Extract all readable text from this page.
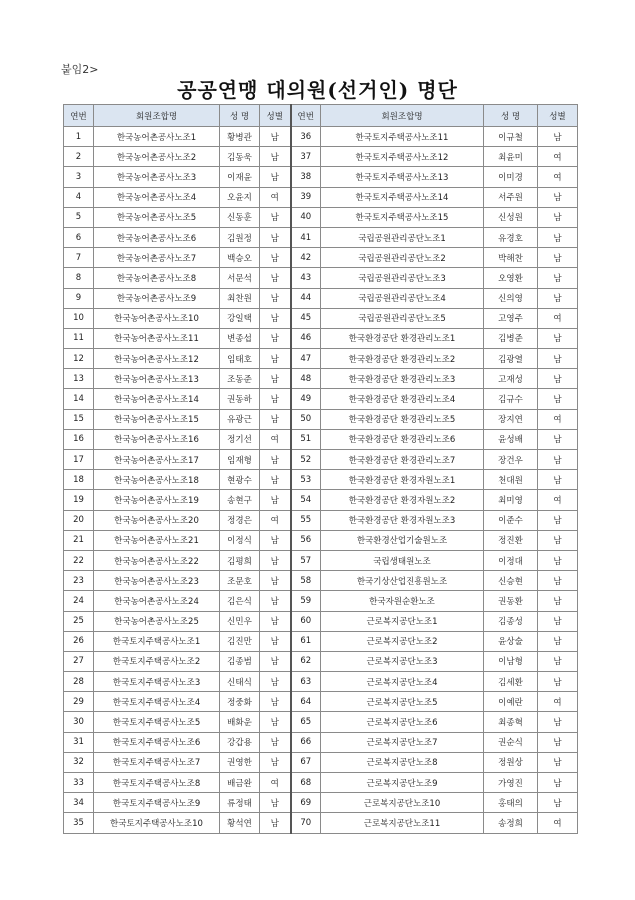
붙임2>
공공연맹 대의원(선거인) 명단
연번	회원조합명	성 명	성별	연번	회원조합명	성 명	성별
1	한국농어촌공사노조1	황병관	남	36	한국토지주택공사노조11	이규철	남
2	한국농어촌공사노조2	김동욱	남	37	한국토지주택공사노조12	최윤미	여
3	한국농어촌공사노조3	이재윤	남	38	한국토지주택공사노조13	이미경	여
4	한국농어촌공사노조4	오윤지	여	39	한국토지주택공사노조14	서주원	남
5	한국농어촌공사노조5	신동훈	남	40	한국토지주택공사노조15	신성원	남
6	한국농어촌공사노조6	김원정	남	41	국립공원관리공단노조1	유경호	남
7	한국농어촌공사노조7	백승오	남	42	국립공원관리공단노조2	박해찬	남
8	한국농어촌공사노조8	서문석	남	43	국립공원관리공단노조3	오영환	남
9	한국농어촌공사노조9	최찬원	남	44	국립공원관리공단노조4	신의영	남
10	한국농어촌공사노조10	강일택	남	45	국립공원관리공단노조5	고영주	여
11	한국농어촌공사노조11	변종섭	남	46	한국환경공단 환경관리노조1	김병준	남
12	한국농어촌공사노조12	임태호	남	47	한국환경공단 환경관리노조2	김광열	남
13	한국농어촌공사노조13	조동준	남	48	한국환경공단 환경관리노조3	고재성	남
14	한국농어촌공사노조14	권동하	남	49	한국환경공단 환경관리노조4	김규수	남
15	한국농어촌공사노조15	유광근	남	50	한국환경공단 환경관리노조5	장지연	여
16	한국농어촌공사노조16	정기선	여	51	한국환경공단 환경관리노조6	윤성배	남
17	한국농어촌공사노조17	임재형	남	52	한국환경공단 환경관리노조7	장건우	남
18	한국농어촌공사노조18	현광수	남	53	한국환경공단 환경자원노조1	천대원	남
19	한국농어촌공사노조19	송현구	남	54	한국환경공단 환경자원노조2	최미영	여
20	한국농어촌공사노조20	정경은	여	55	한국환경공단 환경자원노조3	이준수	남
21	한국농어촌공사노조21	이정식	남	56	한국환경산업기술원노조	정진환	남
22	한국농어촌공사노조22	김평희	남	57	국립생태원노조	이정대	남
23	한국농어촌공사노조23	조문호	남	58	한국기상산업진흥원노조	신승현	남
24	한국농어촌공사노조24	김은식	남	59	한국자원순환노조	권동환	남
25	한국농어촌공사노조25	신민우	남	60	근로복지공단노조1	김종성	남
26	한국토지주택공사노조1	김진만	남	61	근로복지공단노조2	윤상술	남
27	한국토지주택공사노조2	김종범	남	62	근로복지공단노조3	이남형	남
28	한국토지주택공사노조3	신태식	남	63	근로복지공단노조4	김세환	남
29	한국토지주택공사노조4	정중화	남	64	근로복지공단노조5	이예란	여
30	한국토지주택공사노조5	배화운	남	65	근로복지공단노조6	최종혁	남
31	한국토지주택공사노조6	강갑용	남	66	근로복지공단노조7	권순식	남
32	한국토지주택공사노조7	권영한	남	67	근로복지공단노조8	정원상	남
33	한국토지주택공사노조8	배금완	여	68	근로복지공단노조9	가영진	남
34	한국토지주택공사노조9	류정태	남	69	근로복지공단노조10	홍태의	남
35	한국토지주택공사노조10	황석연	남	70	근로복지공단노조11	송정희	여
